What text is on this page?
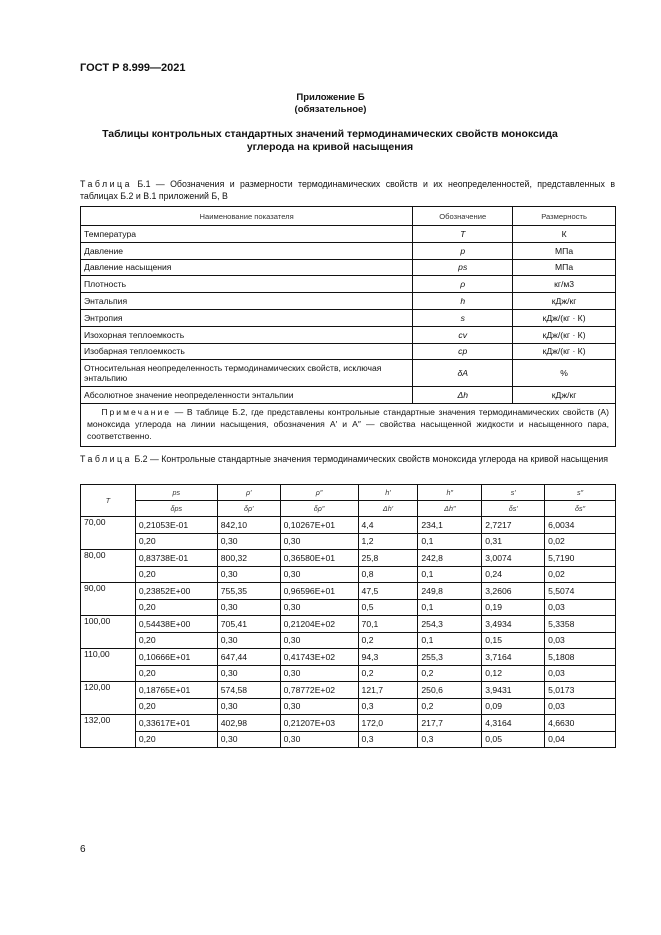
ГОСТ Р 8.999—2021
Приложение Б
(обязательное)
Таблицы контрольных стандартных значений термодинамических свойств моноксида углерода на кривой насыщения
Таблица Б.1 — Обозначения и размерности термодинамических свойств и их неопределенностей, представленных в таблицах Б.2 и В.1 приложений Б, В
Наименование показателя	Обозначение	Размерность
Температура	T	К
Давление	p	МПа
Давление насыщения	ps	МПа
Плотность	ρ	кг/м3
Энтальпия	h	кДж/кг
Энтропия	s	кДж/(кг · К)
Изохорная теплоемкость	cv	кДж/(кг · К)
Изобарная теплоемкость	cp	кДж/(кг · К)
Относительная неопределенность термодинамических свойств, исключая энтальпию	δA	%
Абсолютное значение неопределенности энтальпии	Δh	кДж/кг
Примечание — В таблице Б.2, где представлены контрольные стандартные значения термодинамических свойств (A) моноксида углерода на линии насыщения, обозначения A′ и A″ — свойства насыщенной жидкости и насыщенного пара, соответственно.		
Таблица Б.2 — Контрольные стандартные значения термодинамических свойств моноксида углерода на кривой насыщения
T	ps	ρ′	ρ″	h′	h″	s′	s″
	δps	δρ′	δρ″	Δh′	Δh″	δs′	δs″
70,00	0,21053E-01	842,10	0,10267E+01	4,4	234,1	2,7217	6,0034
	0,20	0,30	0,30	1,2	0,1	0,31	0,02
80,00	0,83738E-01	800,32	0,36580E+01	25,8	242,8	3,0074	5,7190
	0,20	0,30	0,30	0,8	0,1	0,24	0,02
90,00	0,23852E+00	755,35	0,96596E+01	47,5	249,8	3,2606	5,5074
	0,20	0,30	0,30	0,5	0,1	0,19	0,03
100,00	0,54438E+00	705,41	0,21204E+02	70,1	254,3	3,4934	5,3358
	0,20	0,30	0,30	0,2	0,1	0,15	0,03
110,00	0,10666E+01	647,44	0,41743E+02	94,3	255,3	3,7164	5,1808
	0,20	0,30	0,30	0,2	0,2	0,12	0,03
120,00	0,18765E+01	574,58	0,78772E+02	121,7	250,6	3,9431	5,0173
	0,20	0,30	0,30	0,3	0,2	0,09	0,03
132,00	0,33617E+01	402,98	0,21207E+03	172,0	217,7	4,3164	4,6630
	0,20	0,30	0,30	0,3	0,3	0,05	0,04
6
